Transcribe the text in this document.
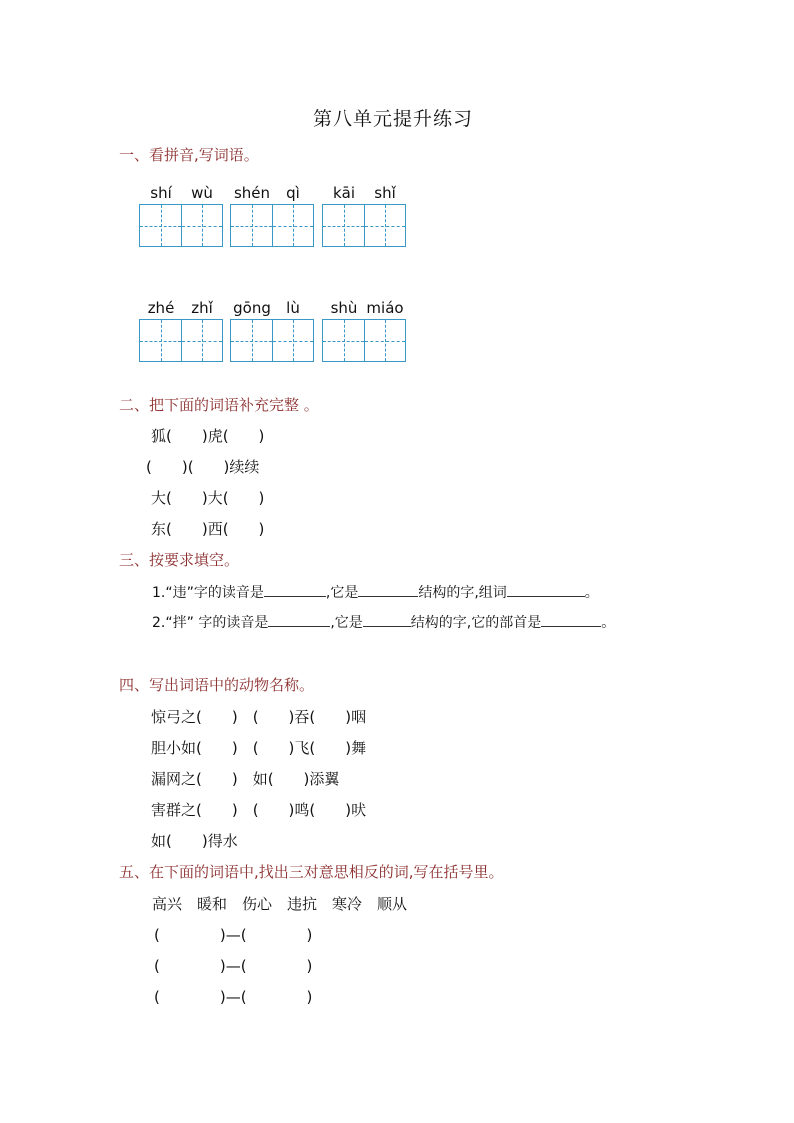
第八单元提升练习
一、看拼音,写词语。
shí	wù	shén	qì	kāi	shǐ
zhé	zhǐ	gōng	lù	shù miáo
二、把下面的词语补充完整 。
狐(　　)虎(　　)
(　　)(　　)续续
大(　　)大(　　)
东(　　)西(　　)
三、按要求填空。
1.“违”字的读音是	,它是	结构的字,组词	。
2.“拌” 字的读音是	,它是	结构的字,它的部首是	。
四、写出词语中的动物名称。
惊弓之(　　)　(　　)吞(　　)咽
胆小如(　　)　(　　)飞(　　)舞
漏网之(　　)　如(　　)添翼
害群之(　　)　(　　)鸣(　　)吠
如(　　)得水
五、在下面的词语中,找出三对意思相反的词,写在括号里。
高兴　暖和　伤心　违抗　寒冷　顺从
(　　　　)—(　　　　)
(　　　　)—(　　　　)
(　　　　)—(　　　　)
